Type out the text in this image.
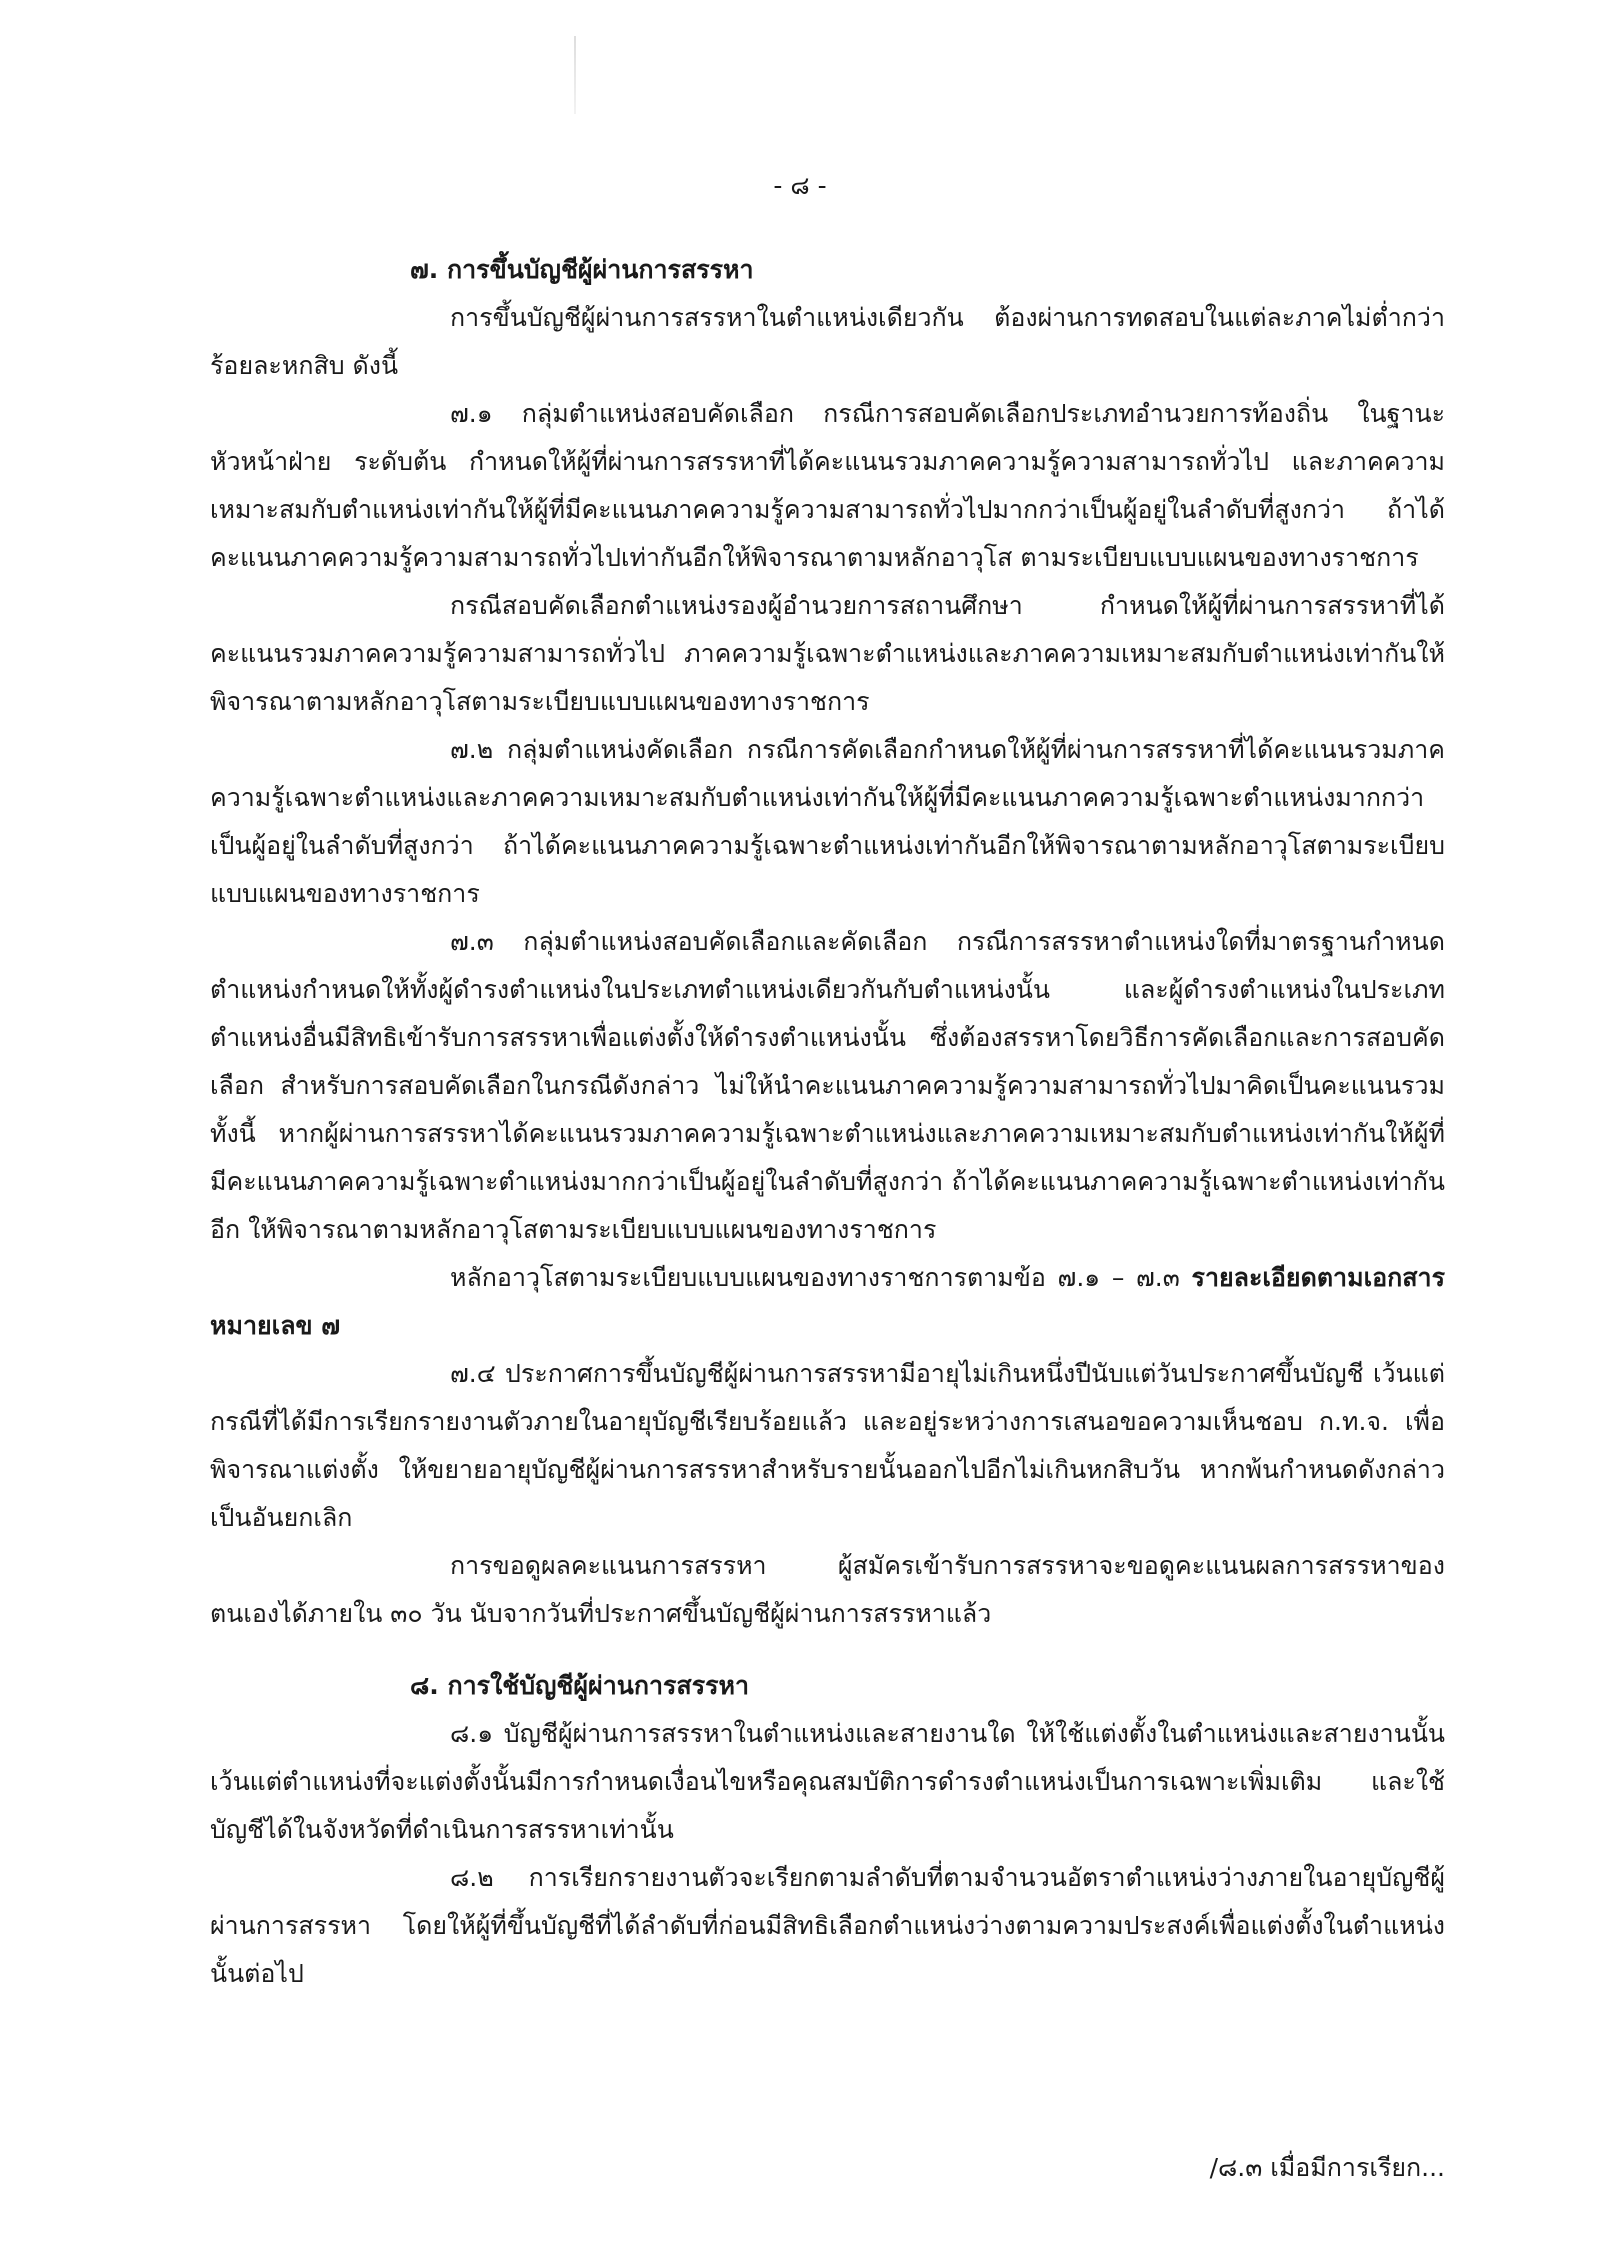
- ๘ -

๗. การขึ้นบัญชีผู้ผ่านการสรรหา

การขึ้นบัญชีผู้ผ่านการสรรหาในตำแหน่งเดียวกัน ต้องผ่านการทดสอบในแต่ละภาคไม่ต่ำกว่าร้อยละหกสิบ ดังนี้

๗.๑ กลุ่มตำแหน่งสอบคัดเลือก กรณีการสอบคัดเลือกประเภทอำนวยการท้องถิ่น ในฐานะหัวหน้าฝ่าย ระดับต้น กำหนดให้ผู้ที่ผ่านการสรรหาที่ได้คะแนนรวมภาคความรู้ความสามารถทั่วไป และภาคความเหมาะสมกับตำแหน่งเท่ากันให้ผู้ที่มีคะแนนภาคความรู้ความสามารถทั่วไปมากกว่าเป็นผู้อยู่ในลำดับที่สูงกว่า ถ้าได้คะแนนภาคความรู้ความสามารถทั่วไปเท่ากันอีกให้พิจารณาตามหลักอาวุโส ตามระเบียบแบบแผนของทางราชการ

กรณีสอบคัดเลือกตำแหน่งรองผู้อำนวยการสถานศึกษา กำหนดให้ผู้ที่ผ่านการสรรหาที่ได้คะแนนรวมภาคความรู้ความสามารถทั่วไป ภาคความรู้เฉพาะตำแหน่งและภาคความเหมาะสมกับตำแหน่งเท่ากันให้พิจารณาตามหลักอาวุโสตามระเบียบแบบแผนของทางราชการ

๗.๒ กลุ่มตำแหน่งคัดเลือก กรณีการคัดเลือกกำหนดให้ผู้ที่ผ่านการสรรหาที่ได้คะแนนรวมภาคความรู้เฉพาะตำแหน่งและภาคความเหมาะสมกับตำแหน่งเท่ากันให้ผู้ที่มีคะแนนภาคความรู้เฉพาะตำแหน่งมากกว่าเป็นผู้อยู่ในลำดับที่สูงกว่า ถ้าได้คะแนนภาคความรู้เฉพาะตำแหน่งเท่ากันอีกให้พิจารณาตามหลักอาวุโสตามระเบียบแบบแผนของทางราชการ

๗.๓ กลุ่มตำแหน่งสอบคัดเลือกและคัดเลือก กรณีการสรรหาตำแหน่งใดที่มาตรฐานกำหนดตำแหน่งกำหนดให้ทั้งผู้ดำรงตำแหน่งในประเภทตำแหน่งเดียวกันกับตำแหน่งนั้น และผู้ดำรงตำแหน่งในประเภทตำแหน่งอื่นมีสิทธิเข้ารับการสรรหาเพื่อแต่งตั้งให้ดำรงตำแหน่งนั้น ซึ่งต้องสรรหาโดยวิธีการคัดเลือกและการสอบคัดเลือก สำหรับการสอบคัดเลือกในกรณีดังกล่าว ไม่ให้นำคะแนนภาคความรู้ความสามารถทั่วไปมาคิดเป็นคะแนนรวม ทั้งนี้ หากผู้ผ่านการสรรหาได้คะแนนรวมภาคความรู้เฉพาะตำแหน่งและภาคความเหมาะสมกับตำแหน่งเท่ากันให้ผู้ที่มีคะแนนภาคความรู้เฉพาะตำแหน่งมากกว่าเป็นผู้อยู่ในลำดับที่สูงกว่า ถ้าได้คะแนนภาคความรู้เฉพาะตำแหน่งเท่ากันอีก ให้พิจารณาตามหลักอาวุโสตามระเบียบแบบแผนของทางราชการ

หลักอาวุโสตามระเบียบแบบแผนของทางราชการตามข้อ ๗.๑ – ๗.๓ รายละเอียดตามเอกสารหมายเลข ๗

๗.๔ ประกาศการขึ้นบัญชีผู้ผ่านการสรรหามีอายุไม่เกินหนึ่งปีนับแต่วันประกาศขึ้นบัญชี เว้นแต่กรณีที่ได้มีการเรียกรายงานตัวภายในอายุบัญชีเรียบร้อยแล้ว และอยู่ระหว่างการเสนอขอความเห็นชอบ ก.ท.จ. เพื่อพิจารณาแต่งตั้ง ให้ขยายอายุบัญชีผู้ผ่านการสรรหาสำหรับรายนั้นออกไปอีกไม่เกินหกสิบวัน หากพ้นกำหนดดังกล่าวเป็นอันยกเลิก

การขอดูผลคะแนนการสรรหา ผู้สมัครเข้ารับการสรรหาจะขอดูคะแนนผลการสรรหาของตนเองได้ภายใน ๓๐ วัน นับจากวันที่ประกาศขึ้นบัญชีผู้ผ่านการสรรหาแล้ว

๘. การใช้บัญชีผู้ผ่านการสรรหา

๘.๑ บัญชีผู้ผ่านการสรรหาในตำแหน่งและสายงานใด ให้ใช้แต่งตั้งในตำแหน่งและสายงานนั้น เว้นแต่ตำแหน่งที่จะแต่งตั้งนั้นมีการกำหนดเงื่อนไขหรือคุณสมบัติการดำรงตำแหน่งเป็นการเฉพาะเพิ่มเติม และใช้บัญชีได้ในจังหวัดที่ดำเนินการสรรหาเท่านั้น

๘.๒ การเรียกรายงานตัวจะเรียกตามลำดับที่ตามจำนวนอัตราตำแหน่งว่างภายในอายุบัญชีผู้ผ่านการสรรหา โดยให้ผู้ที่ขึ้นบัญชีที่ได้ลำดับที่ก่อนมีสิทธิเลือกตำแหน่งว่างตามความประสงค์เพื่อแต่งตั้งในตำแหน่งนั้นต่อไป

/๘.๓ เมื่อมีการเรียก...
